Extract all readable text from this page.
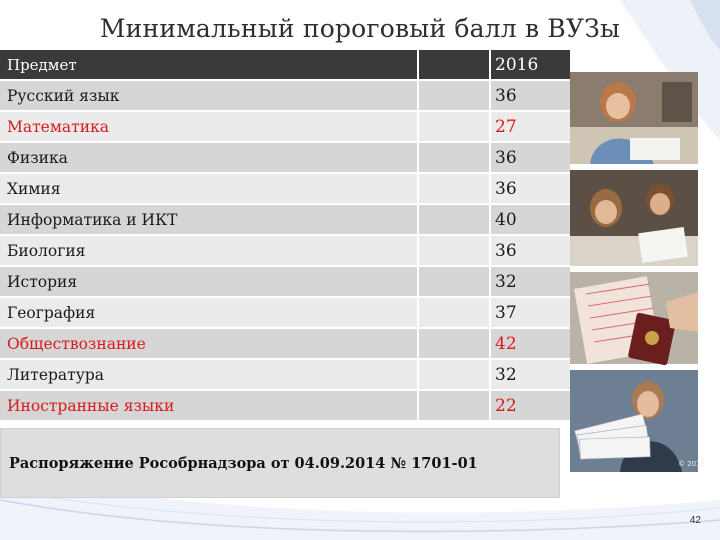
Минимальный пороговый балл в ВУЗы
Предмет		2016
Русский язык		36
Математика		27
Физика		36
Химия		36
Информатика и ИКТ		40
Биология		36
История		32
География		37
Обществознание		42
Литература		32
Иностранные языки		22
Распоряжение Рособрнадзора от 04.09.2014 № 1701-01	© 2013
42
